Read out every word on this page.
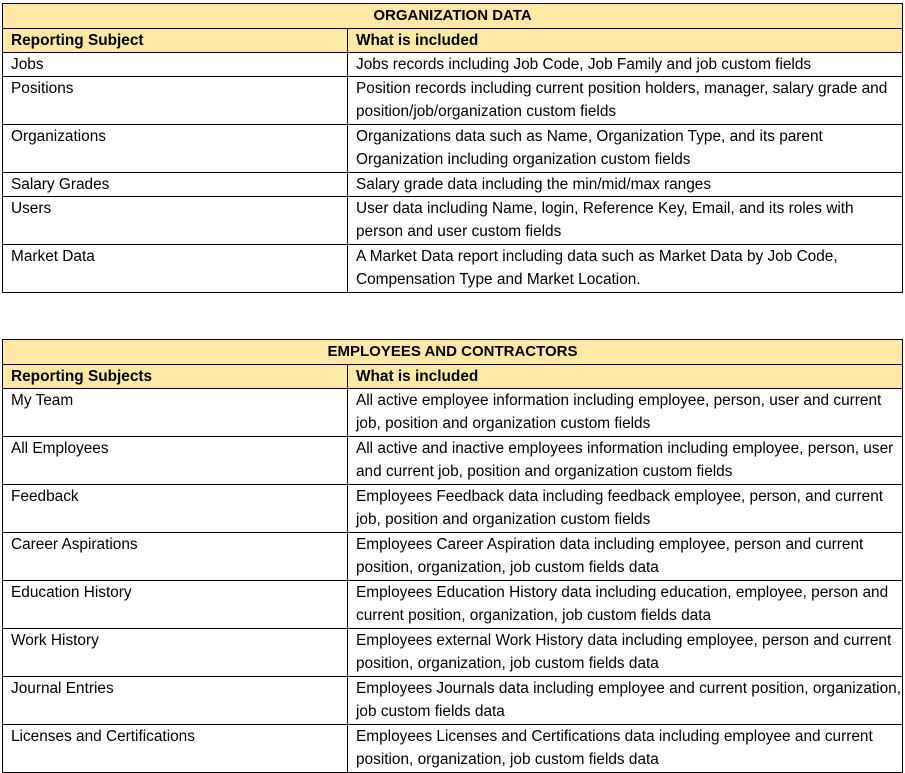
ORGANIZATION DATA	
Reporting Subject	What is included
Jobs	Jobs records including Job Code, Job Family and job custom fields
Positions	Position records including current position holders, manager, salary grade and position/job/organization custom fields
Organizations	Organizations data such as Name, Organization Type, and its parent Organization including organization custom fields
Salary Grades	Salary grade data including the min/mid/max ranges
Users	User data including Name, login, Reference Key, Email, and its roles with person and user custom fields
Market Data	A Market Data report including data such as Market Data by Job Code, Compensation Type and Market Location.
EMPLOYEES AND CONTRACTORS	
Reporting Subjects	What is included
My Team	All active employee information including employee, person, user and current job, position and organization custom fields
All Employees	All active and inactive employees information including employee, person, user and current job, position and organization custom fields
Feedback	Employees Feedback data including feedback employee, person, and current job, position and organization custom fields
Career Aspirations	Employees Career Aspiration data including employee, person and current position, organization, job custom fields data
Education History	Employees Education History data including education, employee, person and current position, organization, job custom fields data
Work History	Employees external Work History data including employee, person and current position, organization, job custom fields data
Journal Entries	Employees Journals data including employee and current position, organization, job custom fields data
Licenses and Certifications	Employees Licenses and Certifications data including employee and current position, organization, job custom fields data
